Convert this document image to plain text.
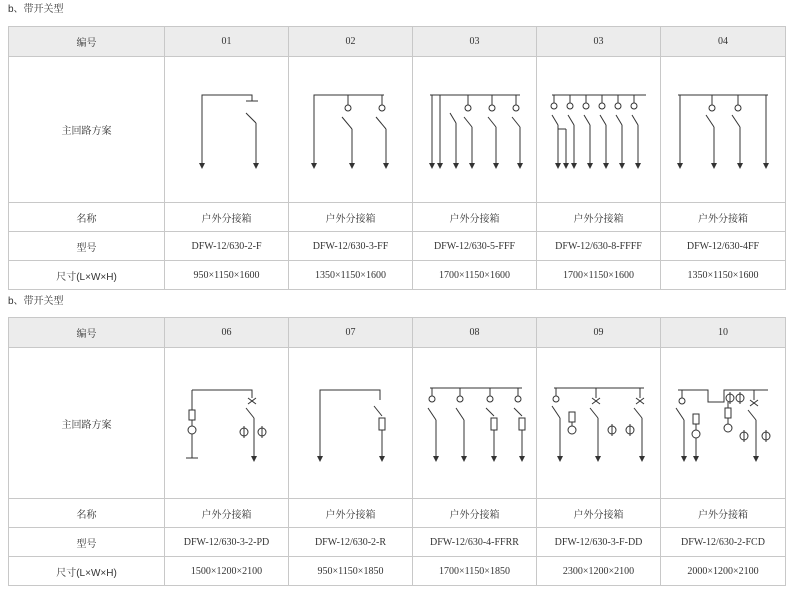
b、带开关型
编号	01	02	03	03	04
主回路方案	

名称	户外分接箱	户外分接箱	户外分接箱	户外分接箱	户外分接箱
型号	DFW-12/630-2-F	DFW-12/630-3-FF	DFW-12/630-5-FFF	DFW-12/630-8-FFFF	DFW-12/630-4FF
尺寸(L×W×H)	950×1150×1600	1350×1150×1600	1700×1150×1600	1700×1150×1600	1350×1150×1600
b、带开关型
编号	06	07	08	09	10
主回路方案	

名称	户外分接箱	户外分接箱	户外分接箱	户外分接箱	户外分接箱
型号	DFW-12/630-3-2-PD	DFW-12/630-2-R	DFW-12/630-4-FFRR	DFW-12/630-3-F-DD	DFW-12/630-2-FCD
尺寸(L×W×H)	1500×1200×2100	950×1150×1850	1700×1150×1850	2300×1200×2100	2000×1200×2100
